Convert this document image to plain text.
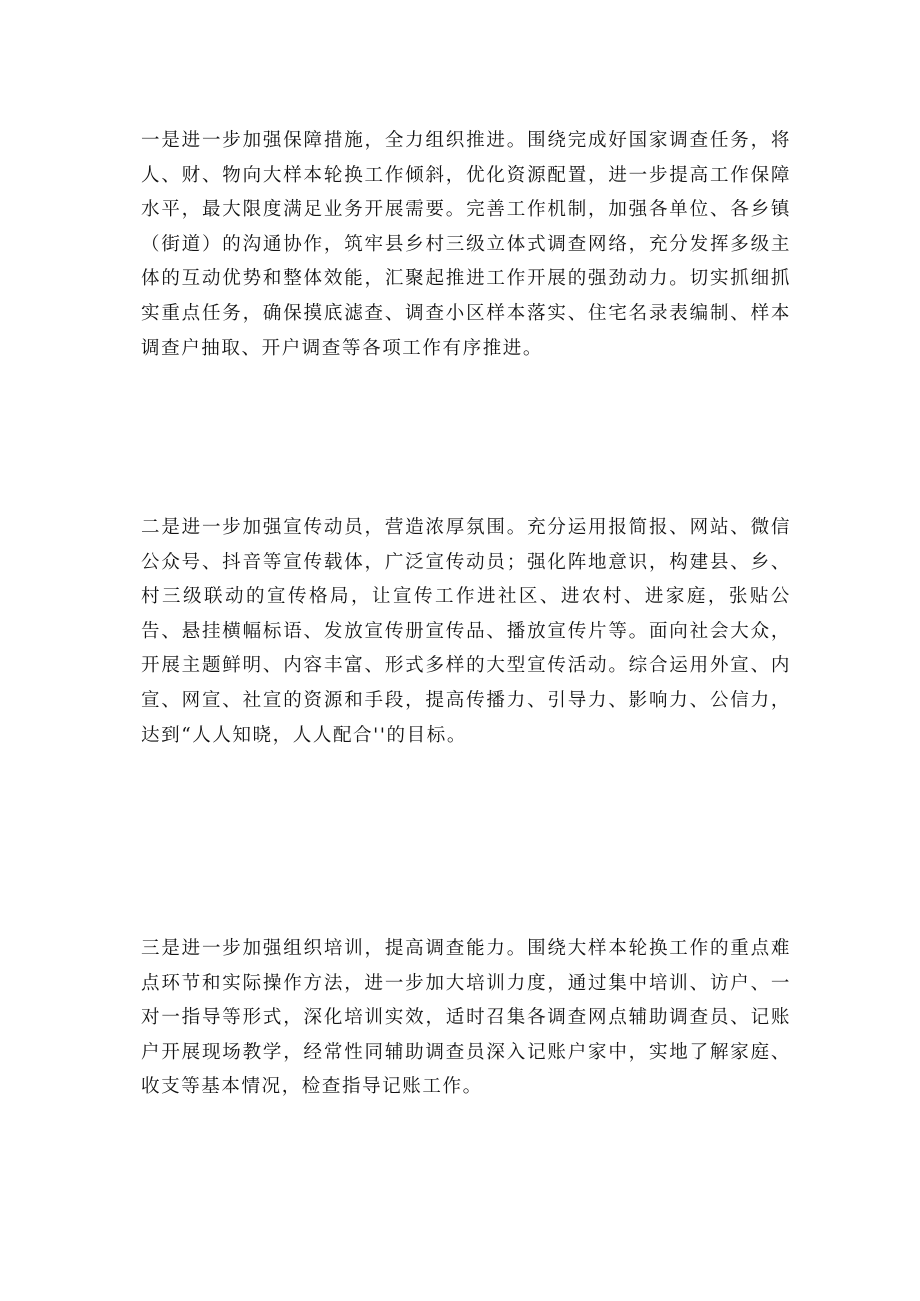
一是进一步加强保障措施，全力组织推进。围绕完成好国家调查任务，将人、财、物向大样本轮换工作倾斜，优化资源配置，进一步提高工作保障水平，最大限度满足业务开展需要。完善工作机制，加强各单位、各乡镇（街道）的沟通协作，筑牢县乡村三级立体式调查网络，充分发挥多级主体的互动优势和整体效能，汇聚起推进工作开展的强劲动力。切实抓细抓实重点任务，确保摸底滤查、调查小区样本落实、住宅名录表编制、样本调查户抽取、开户调查等各项工作有序推进。

二是进一步加强宣传动员，营造浓厚氛围。充分运用报简报、网站、微信公众号、抖音等宣传载体，广泛宣传动员；强化阵地意识，构建县、乡、村三级联动的宣传格局，让宣传工作进社区、进农村、进家庭，张贴公告、悬挂横幅标语、发放宣传册宣传品、播放宣传片等。面向社会大众，开展主题鲜明、内容丰富、形式多样的大型宣传活动。综合运用外宣、内宣、网宣、社宣的资源和手段，提高传播力、引导力、影响力、公信力，达到“人人知晓，人人配合''的目标。

三是进一步加强组织培训，提高调查能力。围绕大样本轮换工作的重点难点环节和实际操作方法，进一步加大培训力度，通过集中培训、访户、一对一指导等形式，深化培训实效，适时召集各调查网点辅助调查员、记账户开展现场教学，经常性同辅助调查员深入记账户家中，实地了解家庭、收支等基本情况，检查指导记账工作。
